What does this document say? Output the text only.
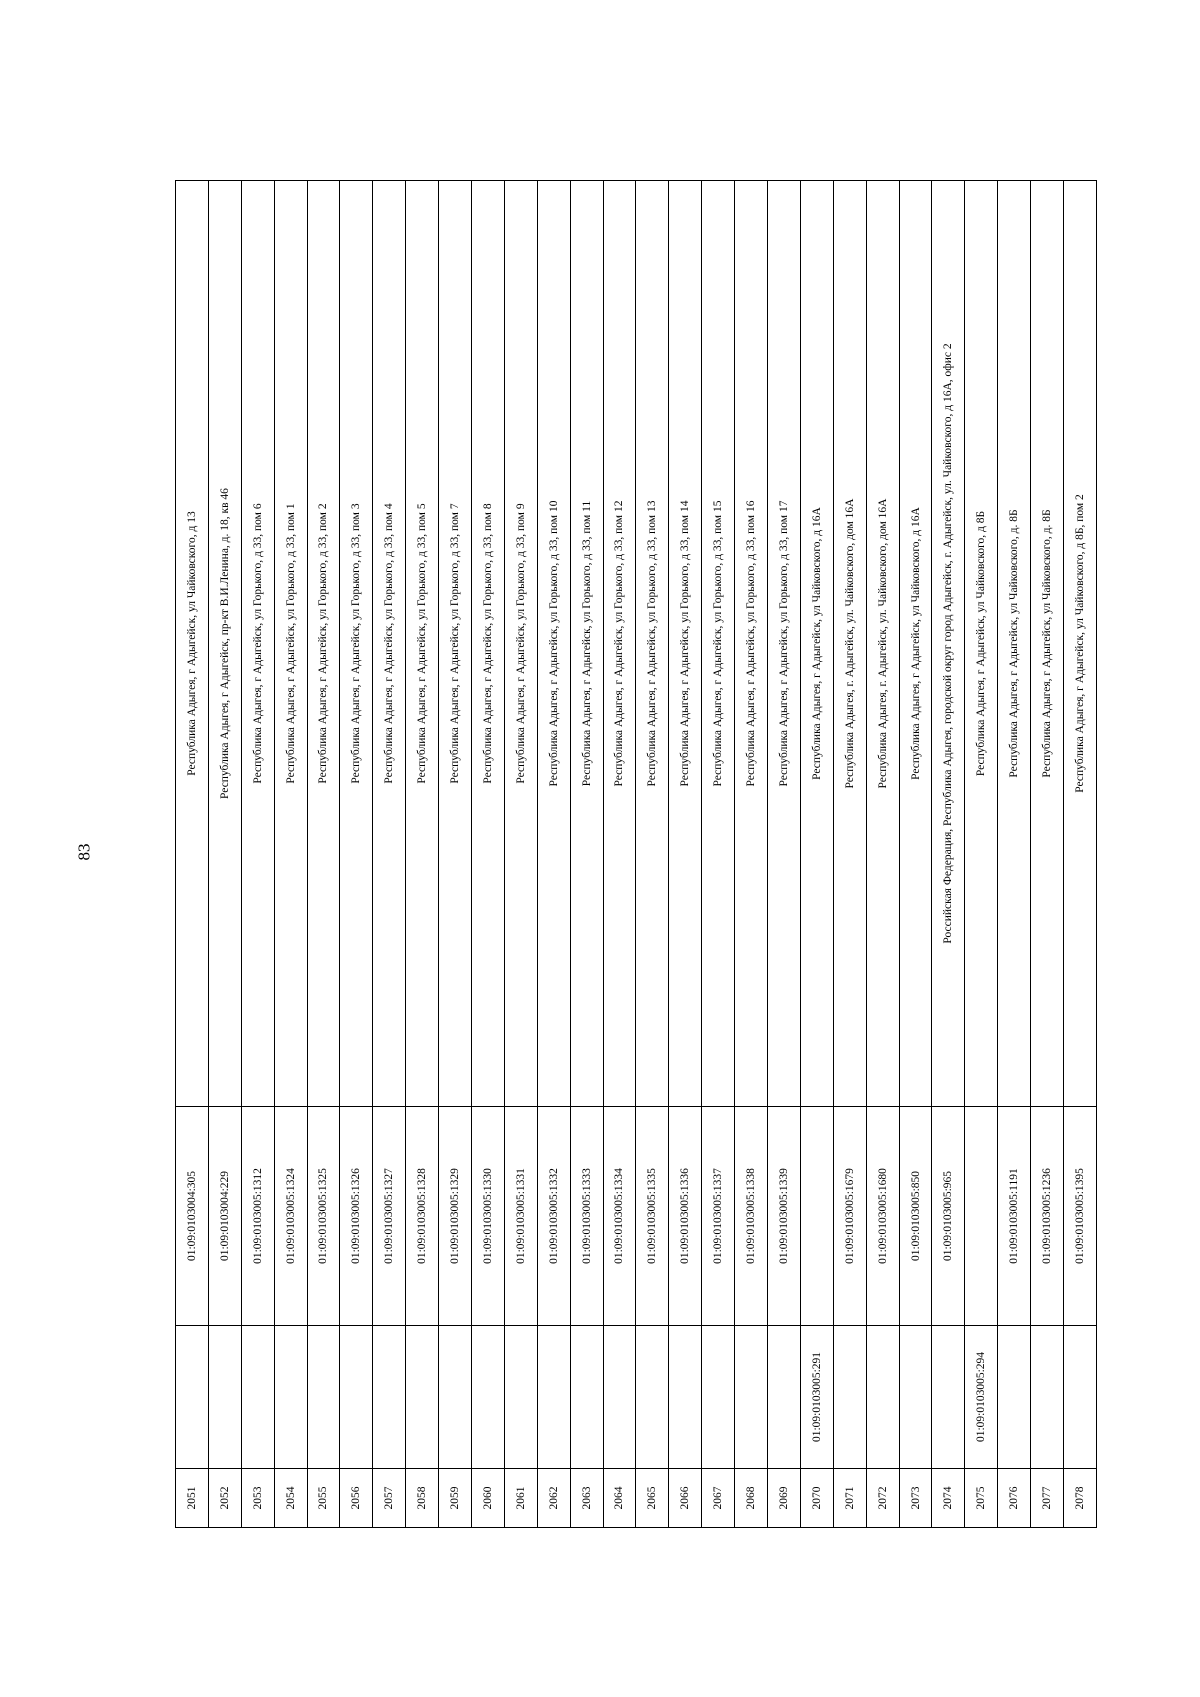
83
2051		01:09:0103004:305	Республика Адыгея, г Адыгейск, ул Чайковского, д 13
2052		01:09:0103004:229	Республика Адыгея, г Адыгейск, пр-кт В.И.Ленина, д. 18, кв 46
2053		01:09:0103005:1312	Республика Адыгея, г Адыгейск, ул Горького, д 33, пом 6
2054		01:09:0103005:1324	Республика Адыгея, г Адыгейск, ул Горького, д 33, пом 1
2055		01:09:0103005:1325	Республика Адыгея, г Адыгейск, ул Горького, д 33, пом 2
2056		01:09:0103005:1326	Республика Адыгея, г Адыгейск, ул Горького, д 33, пом 3
2057		01:09:0103005:1327	Республика Адыгея, г Адыгейск, ул Горького, д 33, пом 4
2058		01:09:0103005:1328	Республика Адыгея, г Адыгейск, ул Горького, д 33, пом 5
2059		01:09:0103005:1329	Республика Адыгея, г Адыгейск, ул Горького, д 33, пом 7
2060		01:09:0103005:1330	Республика Адыгея, г Адыгейск, ул Горького, д 33, пом 8
2061		01:09:0103005:1331	Республика Адыгея, г Адыгейск, ул Горького, д 33, пом 9
2062		01:09:0103005:1332	Республика Адыгея, г Адыгейск, ул Горького, д 33, пом 10
2063		01:09:0103005:1333	Республика Адыгея, г Адыгейск, ул Горького, д 33, пом 11
2064		01:09:0103005:1334	Республика Адыгея, г Адыгейск, ул Горького, д 33, пом 12
2065		01:09:0103005:1335	Республика Адыгея, г Адыгейск, ул Горького, д 33, пом 13
2066		01:09:0103005:1336	Республика Адыгея, г Адыгейск, ул Горького, д 33, пом 14
2067		01:09:0103005:1337	Республика Адыгея, г Адыгейск, ул Горького, д 33, пом 15
2068		01:09:0103005:1338	Республика Адыгея, г Адыгейск, ул Горького, д 33, пом 16
2069		01:09:0103005:1339	Республика Адыгея, г Адыгейск, ул Горького, д 33, пом 17
2070	01:09:0103005:291		Республика Адыгея, г Адыгейск, ул Чайковского, д 16А
2071		01:09:0103005:1679	Республика Адыгея, г. Адыгейск, ул. Чайковского, дом 16А
2072		01:09:0103005:1680	Республика Адыгея, г. Адыгейск, ул. Чайковского, дом 16А
2073		01:09:0103005:850	Республика Адыгея, г Адыгейск, ул Чайковского, д 16А
2074		01:09:0103005:965	Российская Федерация, Республика Адыгея, городской округ город Адыгейск, г. Адыгейск, ул. Чайковского, д 16А, офис 2
2075	01:09:0103005:294		Республика Адыгея, г Адыгейск, ул Чайковского, д 8Б
2076		01:09:0103005:1191	Республика Адыгея, г Адыгейск, ул Чайковского, д. 8Б
2077		01:09:0103005:1236	Республика Адыгея, г Адыгейск, ул Чайковского, д. 8Б
2078		01:09:0103005:1395	Республика Адыгея, г Адыгейск, ул Чайковского, д 8Б, пом 2
